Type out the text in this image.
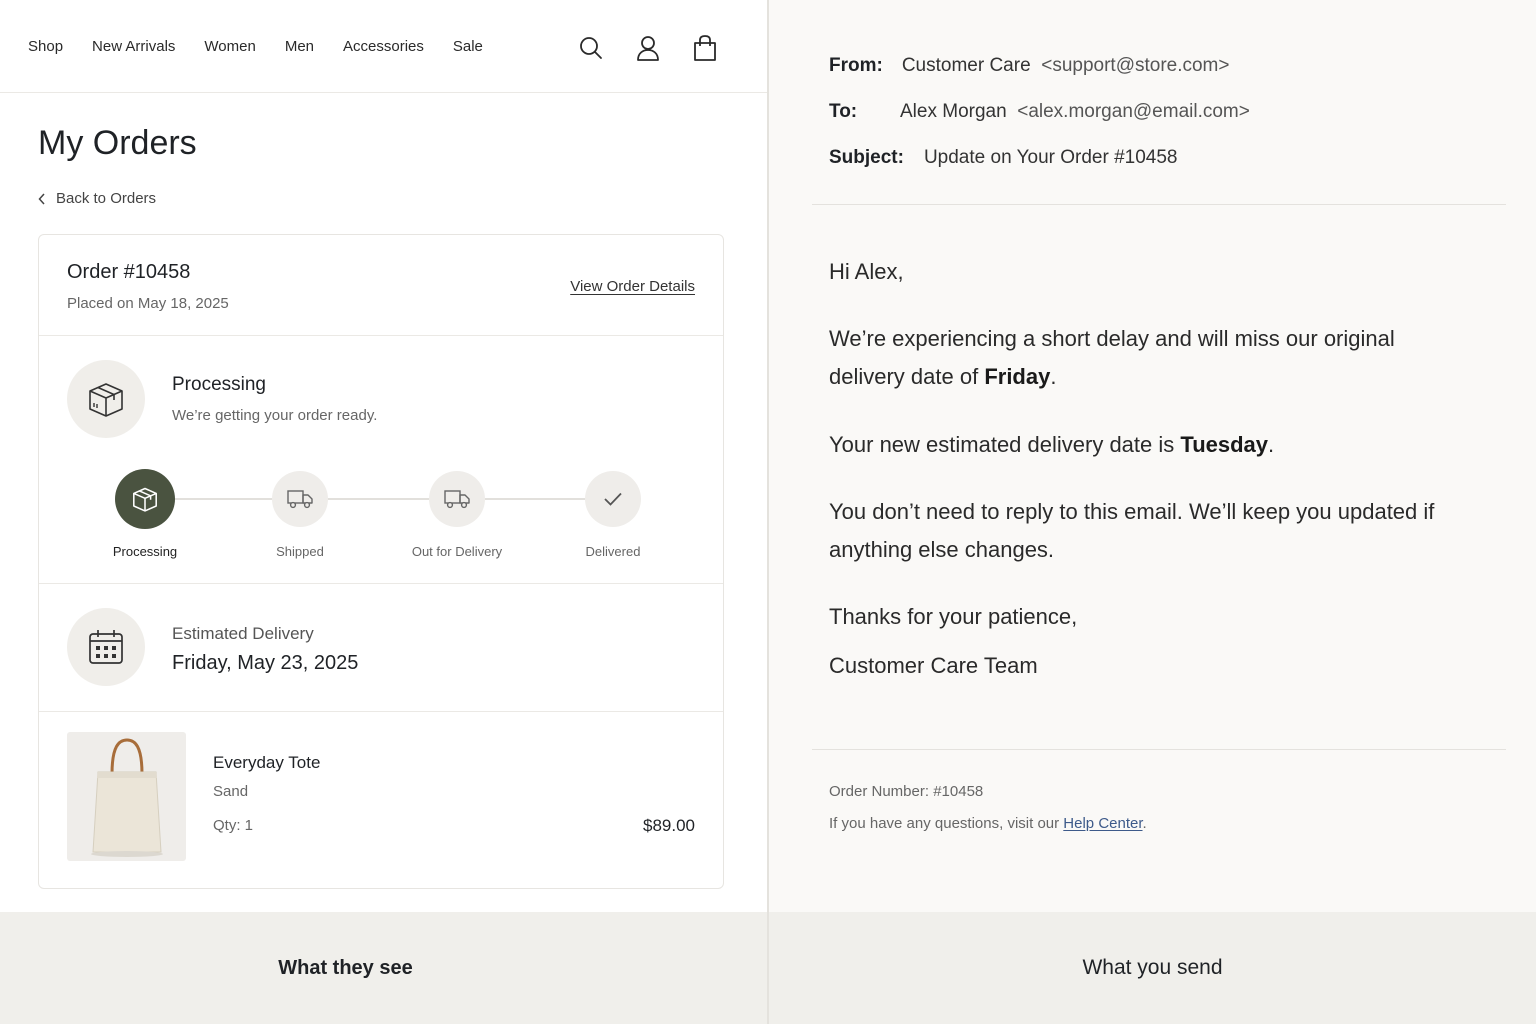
Shop New Arrivals Women Men Accessories Sale
My Orders
Back to Orders
Order #10458
Placed on May 18, 2025
View Order Details
Processing
We’re getting your order ready.
Processing	Shipped	Out for Delivery	Delivered
Estimated Delivery
Friday, May 23, 2025
Everyday Tote
Sand
Qty: 1	$89.00
From: Customer Care <support@store.com>
To: Alex Morgan <alex.morgan@email.com>
Subject: Update on Your Order #10458
Hi Alex,
We’re experiencing a short delay and will miss our original delivery date of Friday.
Your new estimated delivery date is Tuesday.
You don’t need to reply to this email. We’ll keep you updated if anything else changes.
Thanks for your patience,
Customer Care Team
Order Number: #10458
If you have any questions, visit our Help Center.
What they see	What you send
